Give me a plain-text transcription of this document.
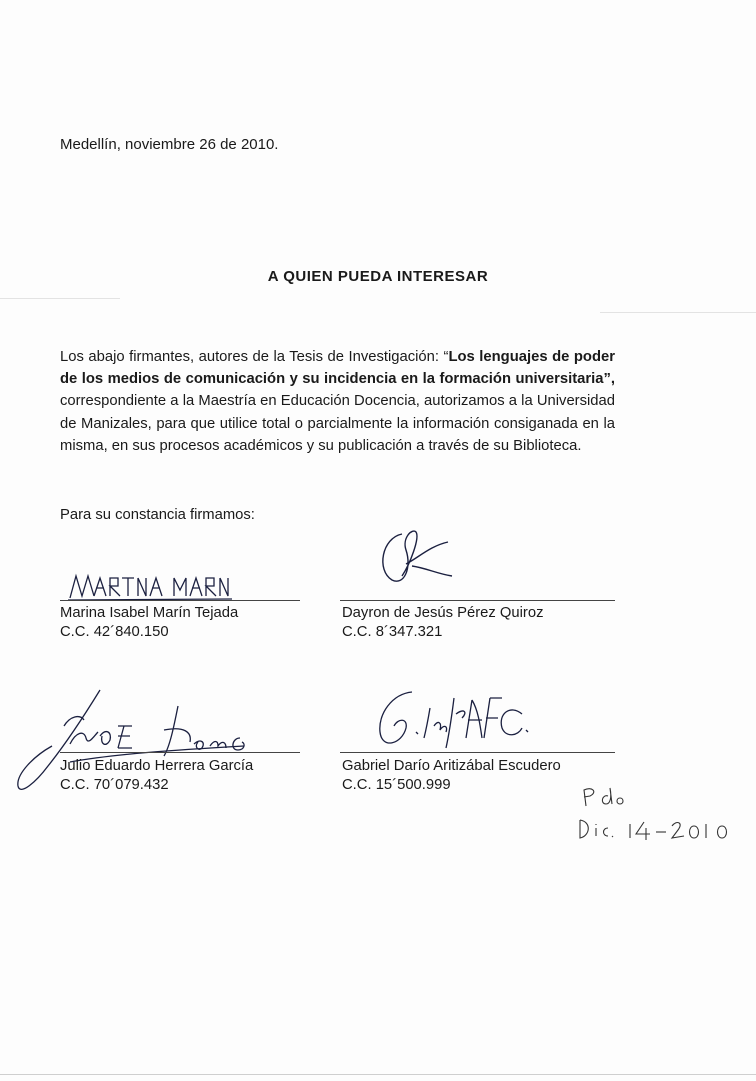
Medellín, noviembre 26 de 2010.
A QUIEN PUEDA INTERESAR
Los abajo firmantes, autores de la Tesis de Investigación: “Los lenguajes de poder de los medios de comunicación y su incidencia en la formación universitaria”, correspondiente a la Maestría en Educación Docencia, autorizamos a la Universidad de Manizales, para que utilice total o parcialmente la información consiganada en la misma, en sus procesos académicos y su publicación a través de su Biblioteca.
Para su constancia firmamos:
Marina Isabel Marín Tejada
C.C. 42´840.150
Dayron de Jesús Pérez Quiroz
C.C. 8´347.321
Julio Eduardo Herrera García
C.C. 70´079.432
Gabriel Darío Aritizábal Escudero
C.C. 15´500.999
